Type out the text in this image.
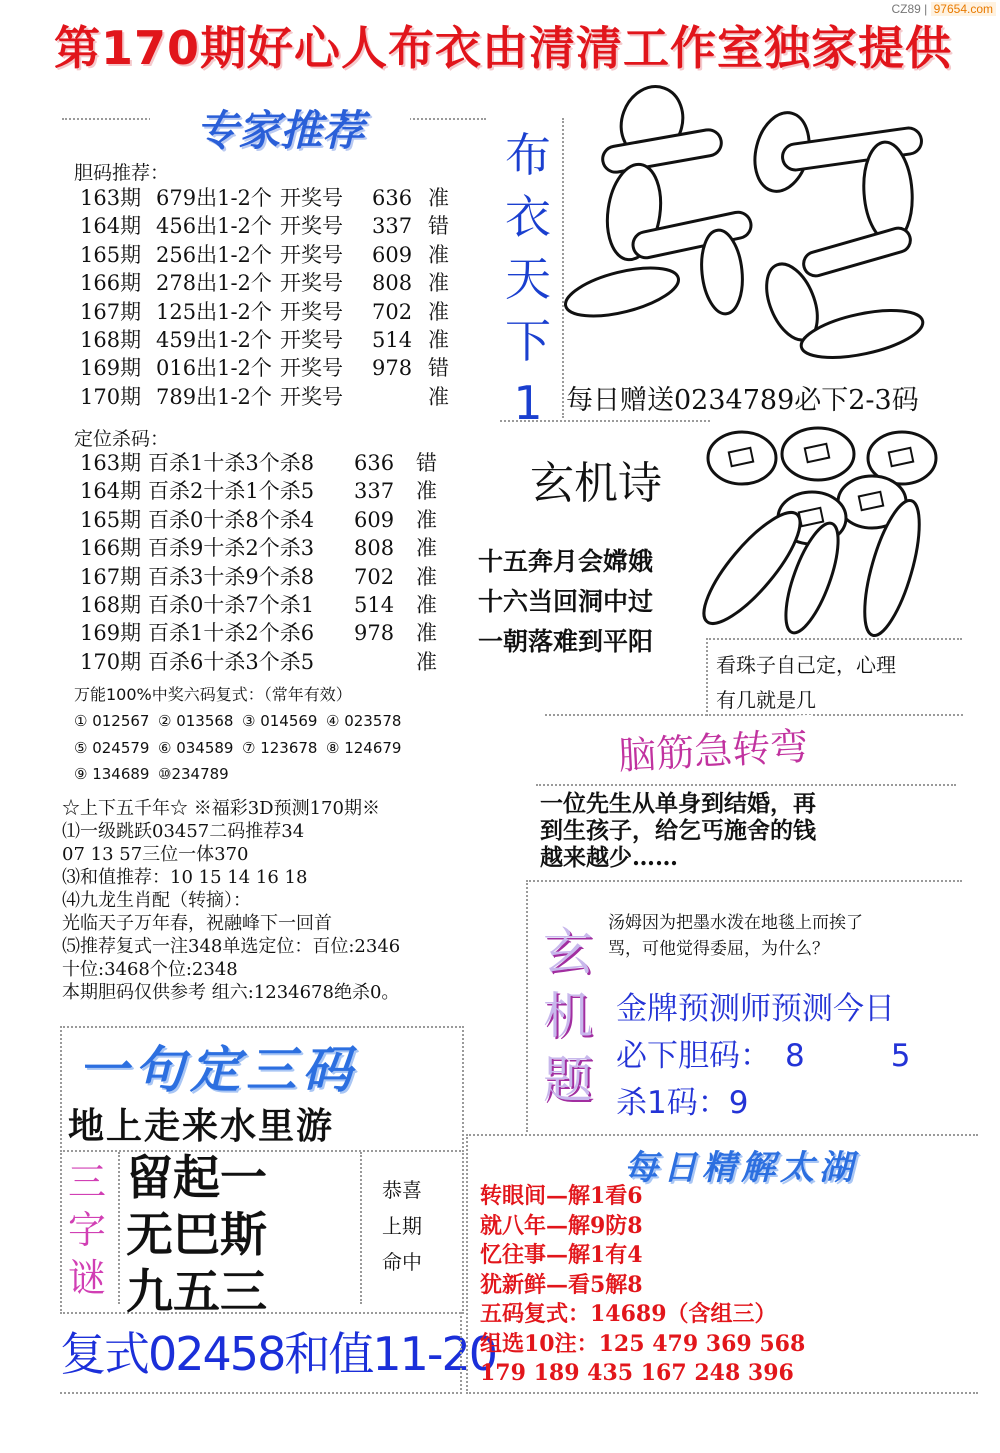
CZ89 | 97654.com
第170期好心人布衣由清清工作室独家提供
专家推荐
胆码推荐：
163期 679出1-2个 开奖号 636 准
164期 456出1-2个 开奖号 337 错
165期 256出1-2个 开奖号 609 准
166期 278出1-2个 开奖号 808 准
167期 125出1-2个 开奖号 702 准
168期 459出1-2个 开奖号 514 准
169期 016出1-2个 开奖号 978 错
170期 789出1-2个 开奖号	准
定位杀码：
163期 百杀1十杀3个杀8 636 错
164期 百杀2十杀1个杀5 337 准
165期 百杀0十杀8个杀4 609 准
166期 百杀9十杀2个杀3 808 准
167期 百杀3十杀9个杀8 702 准
168期 百杀0十杀7个杀1 514 准
169期 百杀1十杀2个杀6 978 准
170期 百杀6十杀3个杀5	准
万能100%中奖六码复式：（常年有效）
① 012567 ② 013568 ③ 014569 ④ 023578⑤ 024579 ⑥ 034589 ⑦ 123678 ⑧ 124679⑨ 134689 ⑩234789
☆上下五千年☆ ※福彩3D预测170期※
⑴一级跳跃03457二码推荐34
07 13 57三位一体370
⑶和值推荐：10 15 14 16 18
⑷九龙生肖配（转摘）：
光临天子万年春，祝融峰下一回首
⑸推荐复式一注348单选定位：百位:2346
十位:3468个位:2348
本期胆码仅供参考 组六:1234678绝杀0。
布
衣
天
下
1 每日赠送0234789必下2-3码
玄机诗
十五奔月会嫦娥
十六当回洞中过
一朝落难到平阳
看珠子自己定，心理
有几就是几
脑筋急转弯
一位先生从单身到结婚，再
到生孩子，给乞丐施舍的钱
越来越少……
玄
机
题
汤姆因为把墨水泼在地毯上而挨了
骂，可他觉得委屈，为什么？
金牌预测师预测今日
必下胆码： 8	5
杀1码：9
一句定三码
地上走来水里游
三
字
谜
留起一
无巴斯
九五三
恭喜
上期
命中
复式02458和值11-20
每日精解太湖
转眼间—解1看6
就八年—解9防8
忆往事—解1有4
犹新鲜—看5解8
五码复式：14689（含组三）
组选10注：125 479 369 568
179 189 435 167 248 396
